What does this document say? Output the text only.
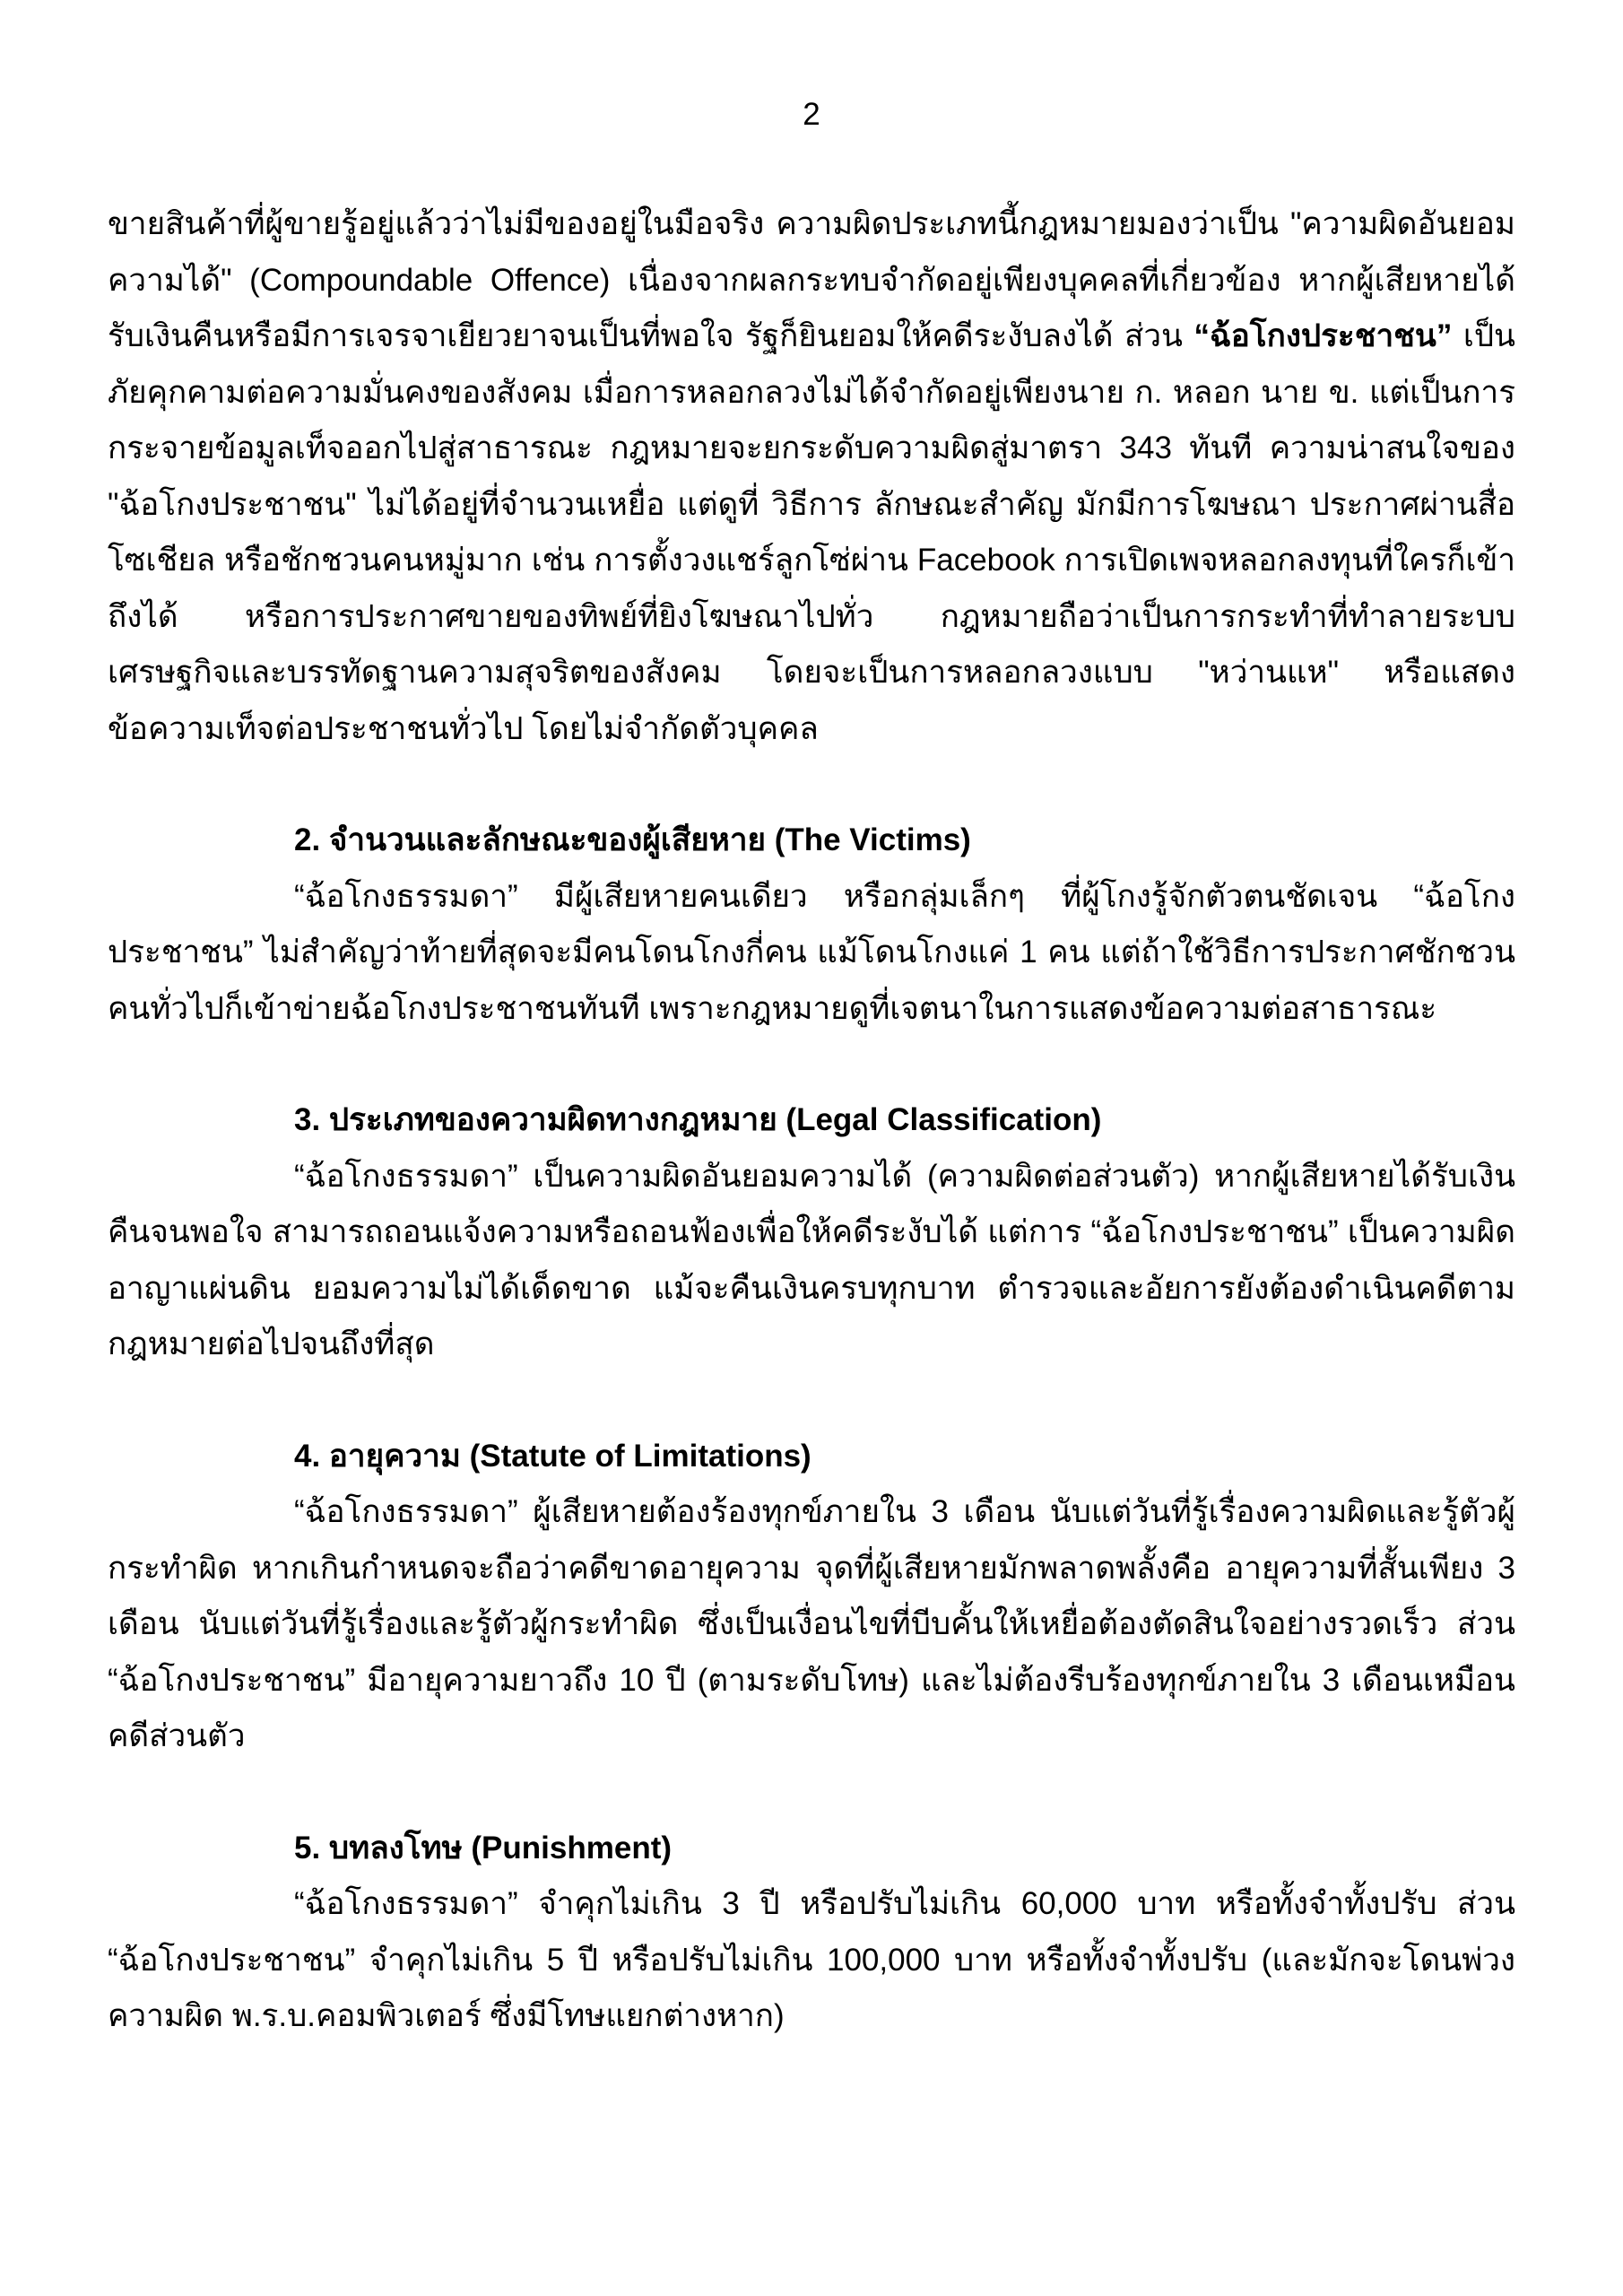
2

ขายสินค้าที่ผู้ขายรู้อยู่แล้วว่าไม่มีของอยู่ในมือจริง ความผิดประเภทนี้กฎหมายมองว่าเป็น "ความผิดอันยอมความได้" (Compoundable Offence) เนื่องจากผลกระทบจำกัดอยู่เพียงบุคคลที่เกี่ยวข้อง หากผู้เสียหายได้รับเงินคืนหรือมีการเจรจาเยียวยาจนเป็นที่พอใจ รัฐก็ยินยอมให้คดีระงับลงได้ ส่วน “ฉ้อโกงประชาชน” เป็นภัยคุกคามต่อความมั่นคงของสังคม เมื่อการหลอกลวงไม่ได้จำกัดอยู่เพียงนาย ก. หลอก นาย ข. แต่เป็นการกระจายข้อมูลเท็จออกไปสู่สาธารณะ กฎหมายจะยกระดับความผิดสู่มาตรา 343 ทันที ความน่าสนใจของ "ฉ้อโกงประชาชน" ไม่ได้อยู่ที่จำนวนเหยื่อ แต่ดูที่ วิธีการ ลักษณะสำคัญ มักมีการโฆษณา ประกาศผ่านสื่อโซเชียล หรือชักชวนคนหมู่มาก เช่น การตั้งวงแชร์ลูกโซ่ผ่าน Facebook การเปิดเพจหลอกลงทุนที่ใครก็เข้าถึงได้ หรือการประกาศขายของทิพย์ที่ยิงโฆษณาไปทั่ว กฎหมายถือว่าเป็นการกระทำที่ทำลายระบบเศรษฐกิจและบรรทัดฐานความสุจริตของสังคม โดยจะเป็นการหลอกลวงแบบ "หว่านแห" หรือแสดงข้อความเท็จต่อประชาชนทั่วไป โดยไม่จำกัดตัวบุคคล

2. จำนวนและลักษณะของผู้เสียหาย (The Victims)

“ฉ้อโกงธรรมดา” มีผู้เสียหายคนเดียว หรือกลุ่มเล็กๆ ที่ผู้โกงรู้จักตัวตนชัดเจน “ฉ้อโกงประชาชน” ไม่สำคัญว่าท้ายที่สุดจะมีคนโดนโกงกี่คน แม้โดนโกงแค่ 1 คน แต่ถ้าใช้วิธีการประกาศชักชวนคนทั่วไปก็เข้าข่ายฉ้อโกงประชาชนทันที เพราะกฎหมายดูที่เจตนาในการแสดงข้อความต่อสาธารณะ

3. ประเภทของความผิดทางกฎหมาย (Legal Classification)

“ฉ้อโกงธรรมดา” เป็นความผิดอันยอมความได้ (ความผิดต่อส่วนตัว) หากผู้เสียหายได้รับเงินคืนจนพอใจ สามารถถอนแจ้งความหรือถอนฟ้องเพื่อให้คดีระงับได้ แต่การ “ฉ้อโกงประชาชน” เป็นความผิดอาญาแผ่นดิน ยอมความไม่ได้เด็ดขาด แม้จะคืนเงินครบทุกบาท ตำรวจและอัยการยังต้องดำเนินคดีตามกฎหมายต่อไปจนถึงที่สุด

4. อายุความ (Statute of Limitations)

“ฉ้อโกงธรรมดา” ผู้เสียหายต้องร้องทุกข์ภายใน 3 เดือน นับแต่วันที่รู้เรื่องความผิดและรู้ตัวผู้กระทำผิด หากเกินกำหนดจะถือว่าคดีขาดอายุความ จุดที่ผู้เสียหายมักพลาดพลั้งคือ อายุความที่สั้นเพียง 3 เดือน นับแต่วันที่รู้เรื่องและรู้ตัวผู้กระทำผิด ซึ่งเป็นเงื่อนไขที่บีบคั้นให้เหยื่อต้องตัดสินใจอย่างรวดเร็ว ส่วน “ฉ้อโกงประชาชน” มีอายุความยาวถึง 10 ปี (ตามระดับโทษ) และไม่ต้องรีบร้องทุกข์ภายใน 3 เดือนเหมือนคดีส่วนตัว

5. บทลงโทษ (Punishment)

“ฉ้อโกงธรรมดา” จำคุกไม่เกิน 3 ปี หรือปรับไม่เกิน 60,000 บาท หรือทั้งจำทั้งปรับ ส่วน “ฉ้อโกงประชาชน” จำคุกไม่เกิน 5 ปี หรือปรับไม่เกิน 100,000 บาท หรือทั้งจำทั้งปรับ (และมักจะโดนพ่วงความผิด พ.ร.บ.คอมพิวเตอร์ ซึ่งมีโทษแยกต่างหาก)
